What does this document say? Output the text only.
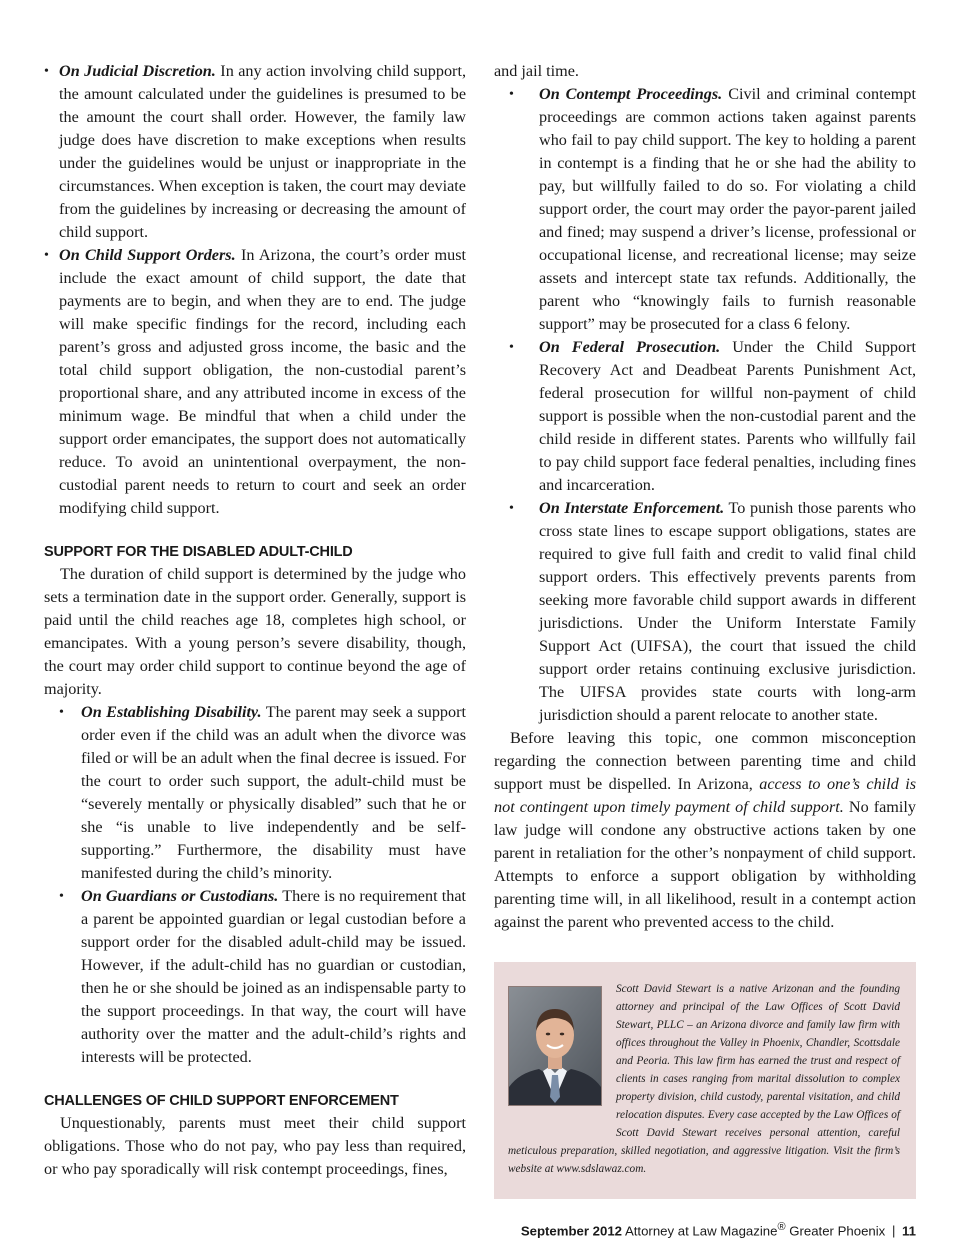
• On Judicial Discretion. In any action involving child support, the amount calculated under the guidelines is presumed to be the amount the court shall order. However, the family law judge does have discretion to make exceptions when results under the guidelines would be unjust or inappropriate in the circumstances. When exception is taken, the court may deviate from the guidelines by increasing or decreasing the amount of child support.
• On Child Support Orders. In Arizona, the court’s order must include the exact amount of child support, the date that payments are to begin, and when they are to end. The judge will make specific findings for the record, including each parent’s gross and adjusted gross income, the basic and the total child support obligation, the non-custodial parent’s proportional share, and any attributed income in excess of the minimum wage. Be mindful that when a child under the support order emancipates, the support does not automatically reduce. To avoid an unintentional overpayment, the non-custodial parent needs to return to court and seek an order modifying child support.
SUPPORT FOR THE DISABLED ADULT-CHILD

The duration of child support is determined by the judge who sets a termination date in the support order. Generally, support is paid until the child reaches age 18, completes high school, or emancipates. With a young person’s severe disability, though, the court may order child support to continue beyond the age of majority.

• On Establishing Disability. The parent may seek a support order even if the child was an adult when the divorce was filed or will be an adult when the final decree is issued. For the court to order such support, the adult-child must be “severely mentally or physically disabled” such that he or she “is unable to live independently and be self-supporting.” Furthermore, the disability must have manifested during the child’s minority.
• On Guardians or Custodians. There is no requirement that a parent be appointed guardian or legal custodian before a support order for the disabled adult-child may be issued. However, if the adult-child has no guardian or custodian, then he or she should be joined as an indispensable party to the support proceedings. In that way, the court will have authority over the matter and the adult-child’s rights and interests will be protected.
CHALLENGES OF CHILD SUPPORT ENFORCEMENT

Unquestionably, parents must meet their child support obligations. Those who do not pay, who pay less than required, or who pay sporadically will risk contempt proceedings, fines,

and jail time.

• On Contempt Proceedings. Civil and criminal contempt proceedings are common actions taken against parents who fail to pay child support. The key to holding a parent in contempt is a finding that he or she had the ability to pay, but willfully failed to do so. For violating a child support order, the court may order the payor-parent jailed and fined; may suspend a driver’s license, professional or occupational license, and recreational license; may seize assets and intercept state tax refunds. Additionally, the parent who “knowingly fails to furnish reasonable support” may be prosecuted for a class 6 felony.
• On Federal Prosecution. Under the Child Support Recovery Act and Deadbeat Parents Punishment Act, federal prosecution for willful non-payment of child support is possible when the non-custodial parent and the child reside in different states. Parents who willfully fail to pay child support face federal penalties, including fines and incarceration.
• On Interstate Enforcement. To punish those parents who cross state lines to escape support obligations, states are required to give full faith and credit to valid final child support orders. This effectively prevents parents from seeking more favorable child support awards in different jurisdictions. Under the Uniform Interstate Family Support Act (UIFSA), the court that issued the child support order retains continuing exclusive jurisdiction. The UIFSA provides state courts with long-arm jurisdiction should a parent relocate to another state.

Before leaving this topic, one common misconception regarding the connection between parenting time and child support must be dispelled. In Arizona, access to one’s child is not contingent upon timely payment of child support. No family law judge will condone any obstructive actions taken by one parent in retaliation for the other’s nonpayment of child support. Attempts to enforce a support obligation by withholding parenting time will, in all likelihood, result in a contempt action against the parent who prevented access to the child.

Scott David Stewart is a native Arizonan and the founding attorney and principal of the Law Offices of Scott David Stewart, PLLC – an Arizona divorce and family law firm with offices throughout the Valley in Phoenix, Chandler, Scottsdale and Peoria. This law firm has earned the trust and respect of clients in cases ranging from marital dissolution to complex property division, child custody, parental visitation, and child relocation disputes. Every case accepted by the Law Offices of Scott David Stewart receives personal attention, careful meticulous preparation, skilled negotiation, and aggressive litigation. Visit the firm’s website at www.sdslawaz.com.
September 2012 Attorney at Law Magazine® Greater Phoenix | 11
